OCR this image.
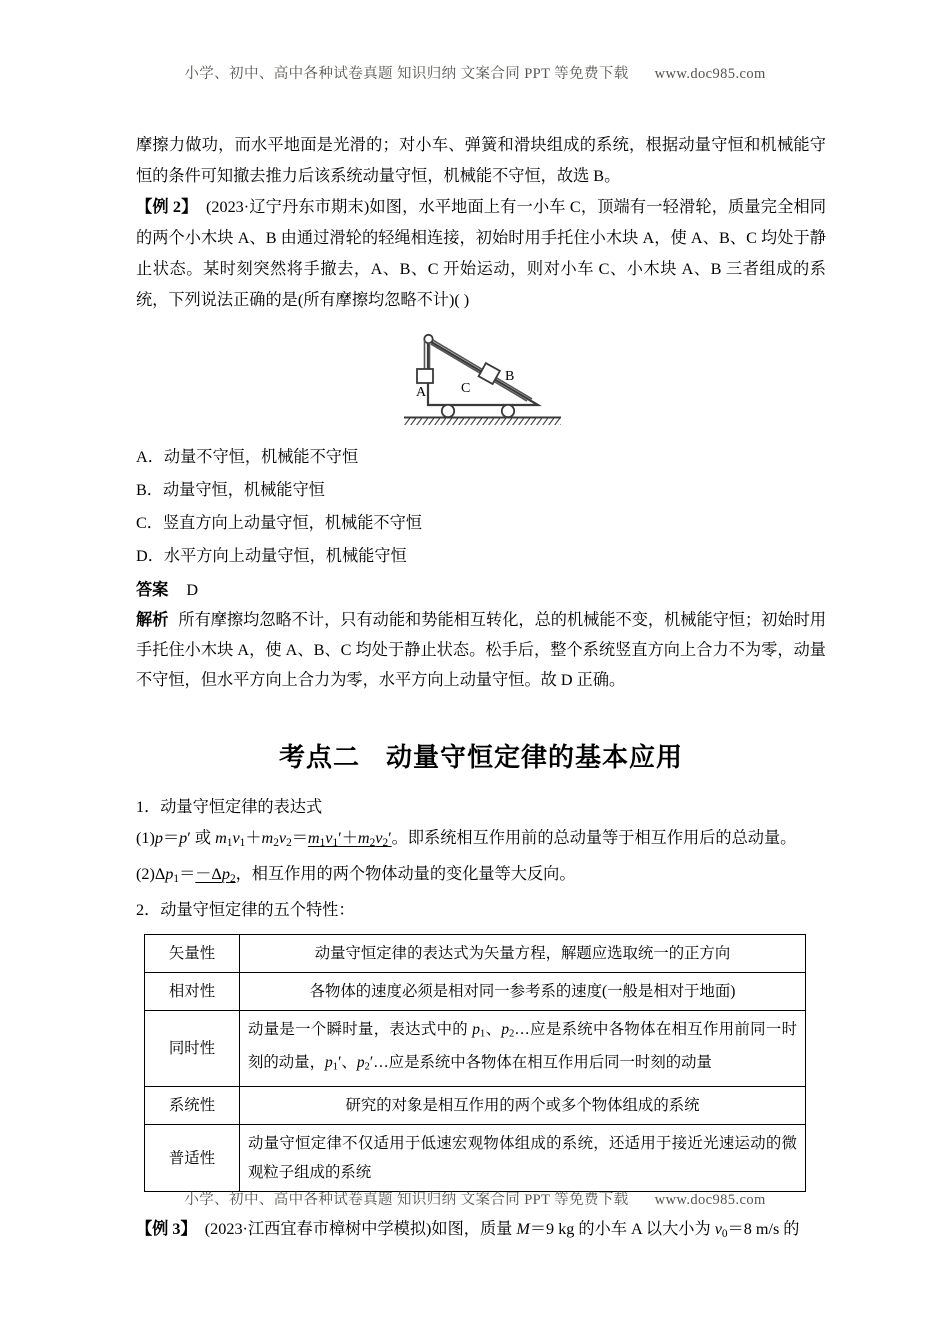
小学、初中、高中各种试卷真题 知识归纳 文案合同 PPT 等免费下载 www.doc985.com

摩擦力做功，而水平地面是光滑的；对小车、弹簧和滑块组成的系统，根据动量守恒和机械能守恒的条件可知撤去推力后该系统动量守恒，机械能不守恒，故选 B。

【例 2】 (2023·辽宁丹东市期末)如图，水平地面上有一小车 C，顶端有一轻滑轮，质量完全相同的两个小木块 A、B 由通过滑轮的轻绳相连接，初始时用手托住小木块 A，使 A、B、C 均处于静止状态。某时刻突然将手撤去，A、B、C 开始运动，则对小车 C、小木块 A、B 三者组成的系统，下列说法正确的是(所有摩擦均忽略不计)( )

A
B
C

A．动量不守恒，机械能不守恒

B．动量守恒，机械能守恒

C．竖直方向上动量守恒，机械能不守恒

D．水平方向上动量守恒，机械能守恒

答案 D

解析 所有摩擦均忽略不计，只有动能和势能相互转化，总的机械能不变，机械能守恒；初始时用手托住小木块 A，使 A、B、C 均处于静止状态。松手后，整个系统竖直方向上合力不为零，动量不守恒，但水平方向上合力为零，水平方向上动量守恒。故 D 正确。

考点二 动量守恒定律的基本应用

1．动量守恒定律的表达式

(1)p＝p′ 或 $m_1v_1+m_2v_2=m_1v_1'+m_2v_2'$。即系统相互作用前的总动量等于相互作用后的总动量。

$(2)\Delta p_1=-\Delta p_2$，相互作用的两个物体动量的变化量等大反向。

2．动量守恒定律的五个特性：

矢量性	动量守恒定律的表达式为矢量方程，解题应选取统一的正方向
相对性	各物体的速度必须是相对同一参考系的速度(一般是相对于地面)
同时性	动量是一个瞬时量，表达式中的 $p_1$、$p_2\dots$应是系统中各物体在相互作用前同一时刻的动量，$p_1'$、$p_2'\dots$应是系统中各物体在相互作用后同一时刻的动量
系统性	研究的对象是相互作用的两个或多个物体组成的系统
普适性	动量守恒定律不仅适用于低速宏观物体组成的系统，还适用于接近光速运动的微观粒子组成的系统

【例 3】 (2023·江西宜春市樟树中学模拟)如图，质量 M＝9 kg 的小车 A 以大小为 $v_0=8$ m/s 的

小学、初中、高中各种试卷真题 知识归纳 文案合同 PPT 等免费下载 www.doc985.com
